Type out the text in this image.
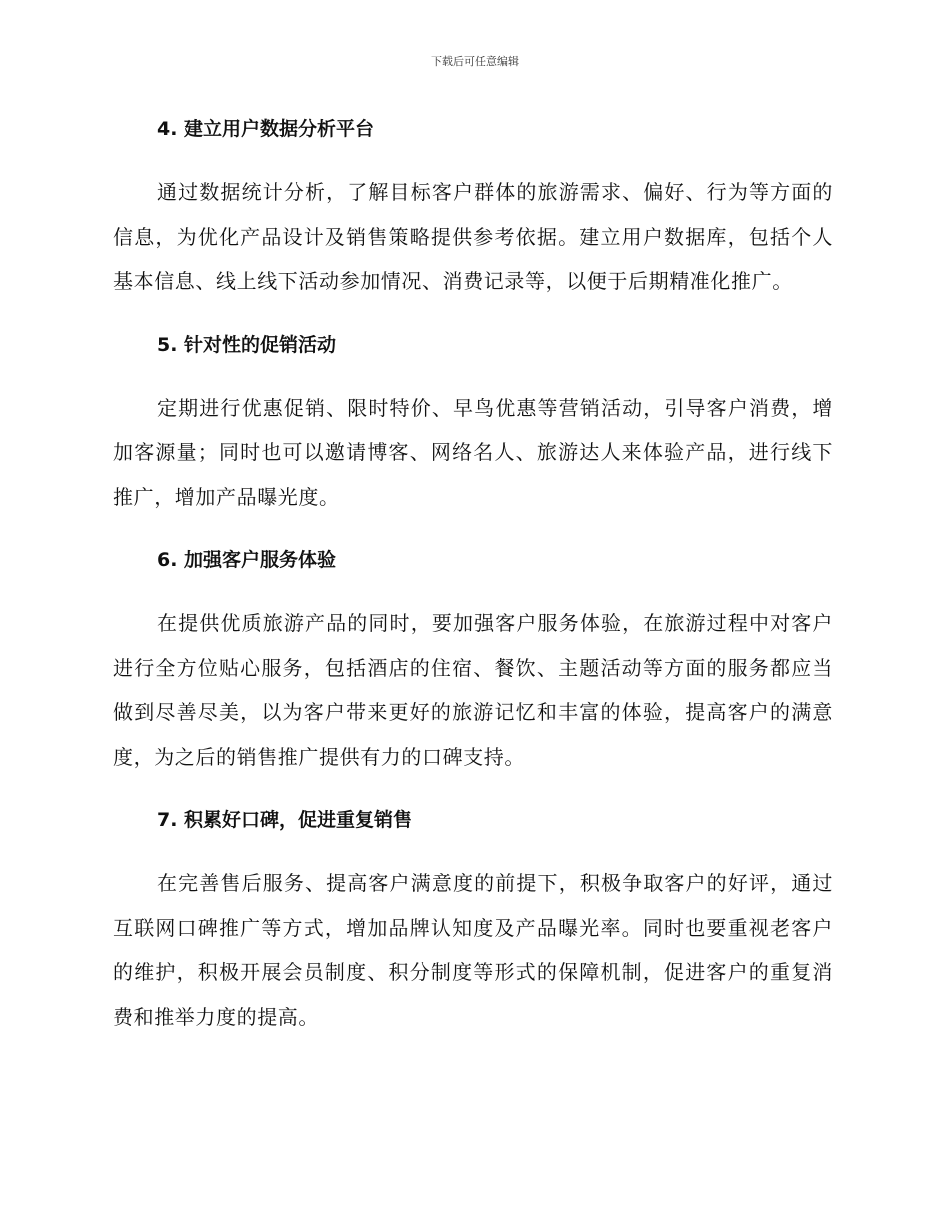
下载后可任意编辑
4. 建立用户数据分析平台

通过数据统计分析，了解目标客户群体的旅游需求、偏好、行为等方面的信息，为优化产品设计及销售策略提供参考依据。建立用户数据库，包括个人基本信息、线上线下活动参加情况、消费记录等，以便于后期精准化推广。

5. 针对性的促销活动

定期进行优惠促销、限时特价、早鸟优惠等营销活动，引导客户消费，增加客源量；同时也可以邀请博客、网络名人、旅游达人来体验产品，进行线下推广，增加产品曝光度。

6. 加强客户服务体验

在提供优质旅游产品的同时，要加强客户服务体验，在旅游过程中对客户进行全方位贴心服务，包括酒店的住宿、餐饮、主题活动等方面的服务都应当做到尽善尽美，以为客户带来更好的旅游记忆和丰富的体验，提高客户的满意度，为之后的销售推广提供有力的口碑支持。

7. 积累好口碑，促进重复销售

在完善售后服务、提高客户满意度的前提下，积极争取客户的好评，通过互联网口碑推广等方式，增加品牌认知度及产品曝光率。同时也要重视老客户的维护，积极开展会员制度、积分制度等形式的保障机制，促进客户的重复消费和推举力度的提高。
